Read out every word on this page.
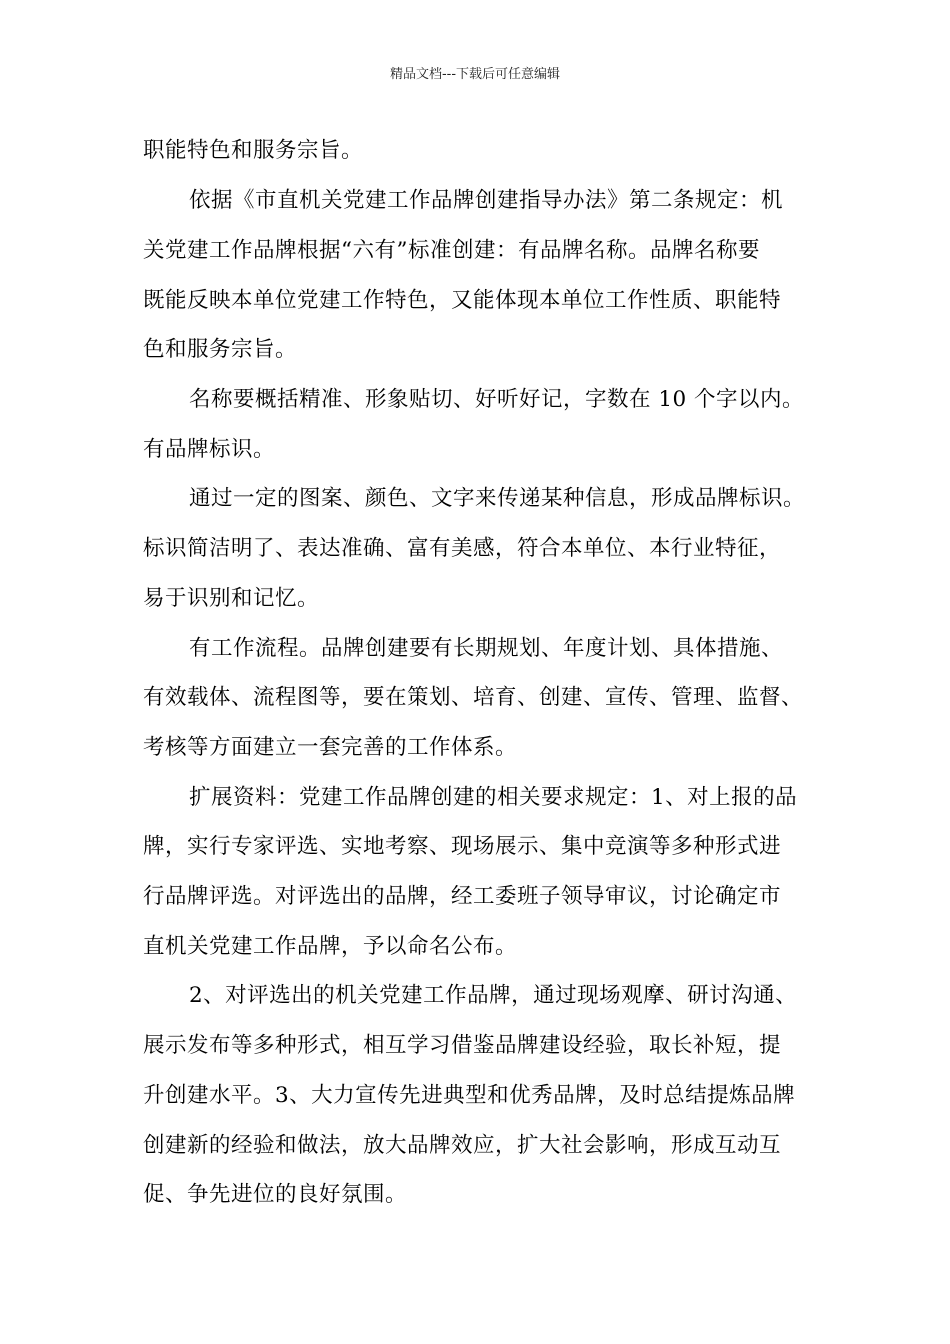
精品文档---下载后可任意编辑
职能特色和服务宗旨。
依据《市直机关党建工作品牌创建指导办法》第二条规定：机
关党建工作品牌根据“六有”标准创建：有品牌名称。品牌名称要
既能反映本单位党建工作特色，又能体现本单位工作性质、职能特
色和服务宗旨。
名称要概括精准、形象贴切、好听好记，字数在 10 个字以内。
有品牌标识。
通过一定的图案、颜色、文字来传递某种信息，形成品牌标识。
标识简洁明了、表达准确、富有美感，符合本单位、本行业特征，
易于识别和记忆。
有工作流程。品牌创建要有长期规划、年度计划、具体措施、
有效载体、流程图等，要在策划、培育、创建、宣传、管理、监督、
考核等方面建立一套完善的工作体系。
扩展资料：党建工作品牌创建的相关要求规定：1、对上报的品
牌，实行专家评选、实地考察、现场展示、集中竞演等多种形式进
行品牌评选。对评选出的品牌，经工委班子领导审议，讨论确定市
直机关党建工作品牌，予以命名公布。
2、对评选出的机关党建工作品牌，通过现场观摩、研讨沟通、
展示发布等多种形式，相互学习借鉴品牌建设经验，取长补短，提
升创建水平。3、大力宣传先进典型和优秀品牌，及时总结提炼品牌
创建新的经验和做法，放大品牌效应，扩大社会影响，形成互动互
促、争先进位的良好氛围。
